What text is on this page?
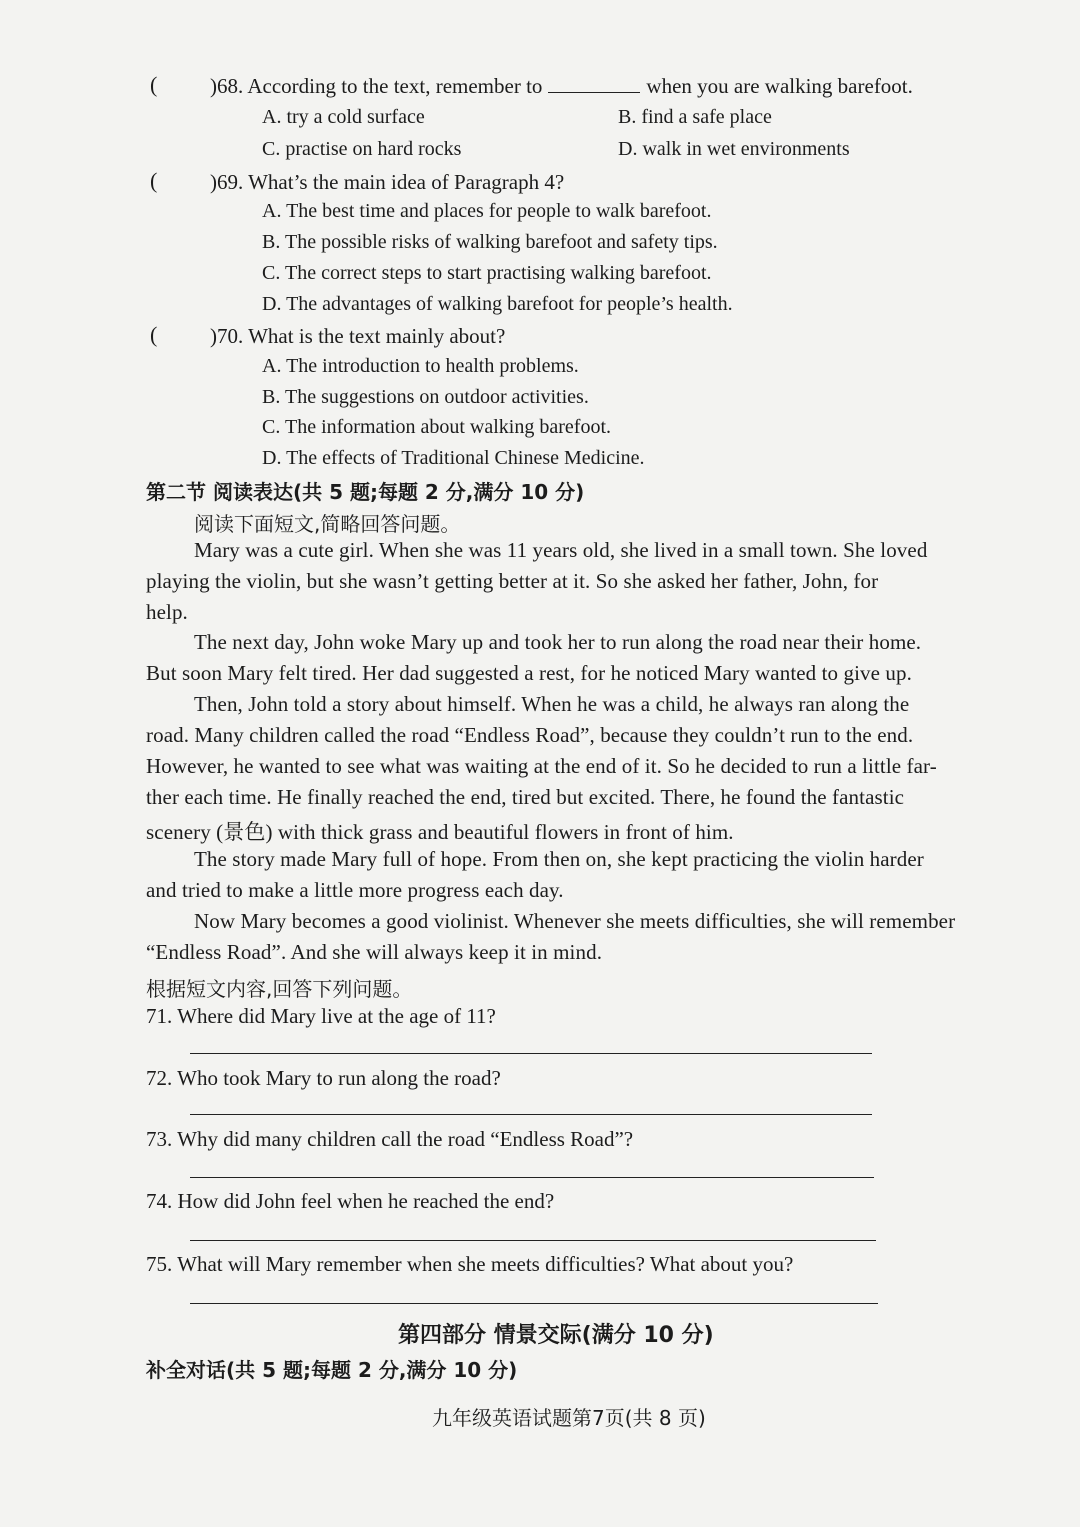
(	)68. According to the text, remember to	when you are walking barefoot.
A. try a cold surface	B. find a safe place
C. practise on hard rocks	D. walk in wet environments
(	)69. What’s the main idea of Paragraph 4?
A. The best time and places for people to walk barefoot.
B. The possible risks of walking barefoot and safety tips.
C. The correct steps to start practising walking barefoot.
D. The advantages of walking barefoot for people’s health.
(	)70. What is the text mainly about?
A. The introduction to health problems.
B. The suggestions on outdoor activities.
C. The information about walking barefoot.
D. The effects of Traditional Chinese Medicine.
第二节 阅读表达(共 5 题;每题 2 分,满分 10 分)
阅读下面短文,简略回答问题。
Mary was a cute girl. When she was 11 years old, she lived in a small town. She loved
playing the violin, but she wasn’t getting better at it. So she asked her father, John, for
help.
The next day, John woke Mary up and took her to run along the road near their home.
But soon Mary felt tired. Her dad suggested a rest, for he noticed Mary wanted to give up.
Then, John told a story about himself. When he was a child, he always ran along the
road. Many children called the road “Endless Road”, because they couldn’t run to the end.
However, he wanted to see what was waiting at the end of it. So he decided to run a little far-
ther each time. He finally reached the end, tired but excited. There, he found the fantastic
scenery (景色) with thick grass and beautiful flowers in front of him.
The story made Mary full of hope. From then on, she kept practicing the violin harder
and tried to make a little more progress each day.
Now Mary becomes a good violinist. Whenever she meets difficulties, she will remember
“Endless Road”. And she will always keep it in mind.
根据短文内容,回答下列问题。
71. Where did Mary live at the age of 11?
72. Who took Mary to run along the road?
73. Why did many children call the road “Endless Road”?
74. How did John feel when he reached the end?
75. What will Mary remember when she meets difficulties? What about you?
第四部分 情景交际(满分 10 分)
补全对话(共 5 题;每题 2 分,满分 10 分)
九年级英语试题第7页(共 8 页)
